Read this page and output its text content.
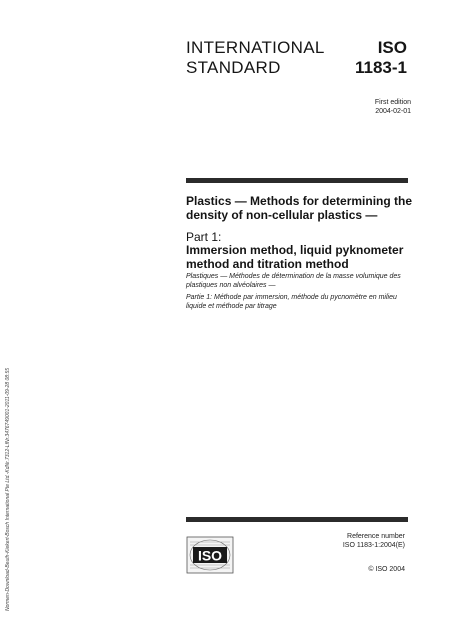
INTERNATIONAL
STANDARD
ISO
1183-1
First edition
2004-02-01
Plastics — Methods for determining the density of non-cellular plastics —
Part 1:
Immersion method, liquid pyknometer method and titration method
Plastiques — Méthodes de détermination de la masse volumique des plastiques non alvéolaires —
Partie 1: Méthode par immersion, méthode du pycnomètre en milieu liquide et méthode par titrage
Normen-Download-Beuth-Kiekert-Bosch International Pte Ltd.-KdNr.7312-LfNr.3476749001-2011-09-28 08:55	Reference number
ISO 1183-1:2004(E)
© ISO 2004
ISO
